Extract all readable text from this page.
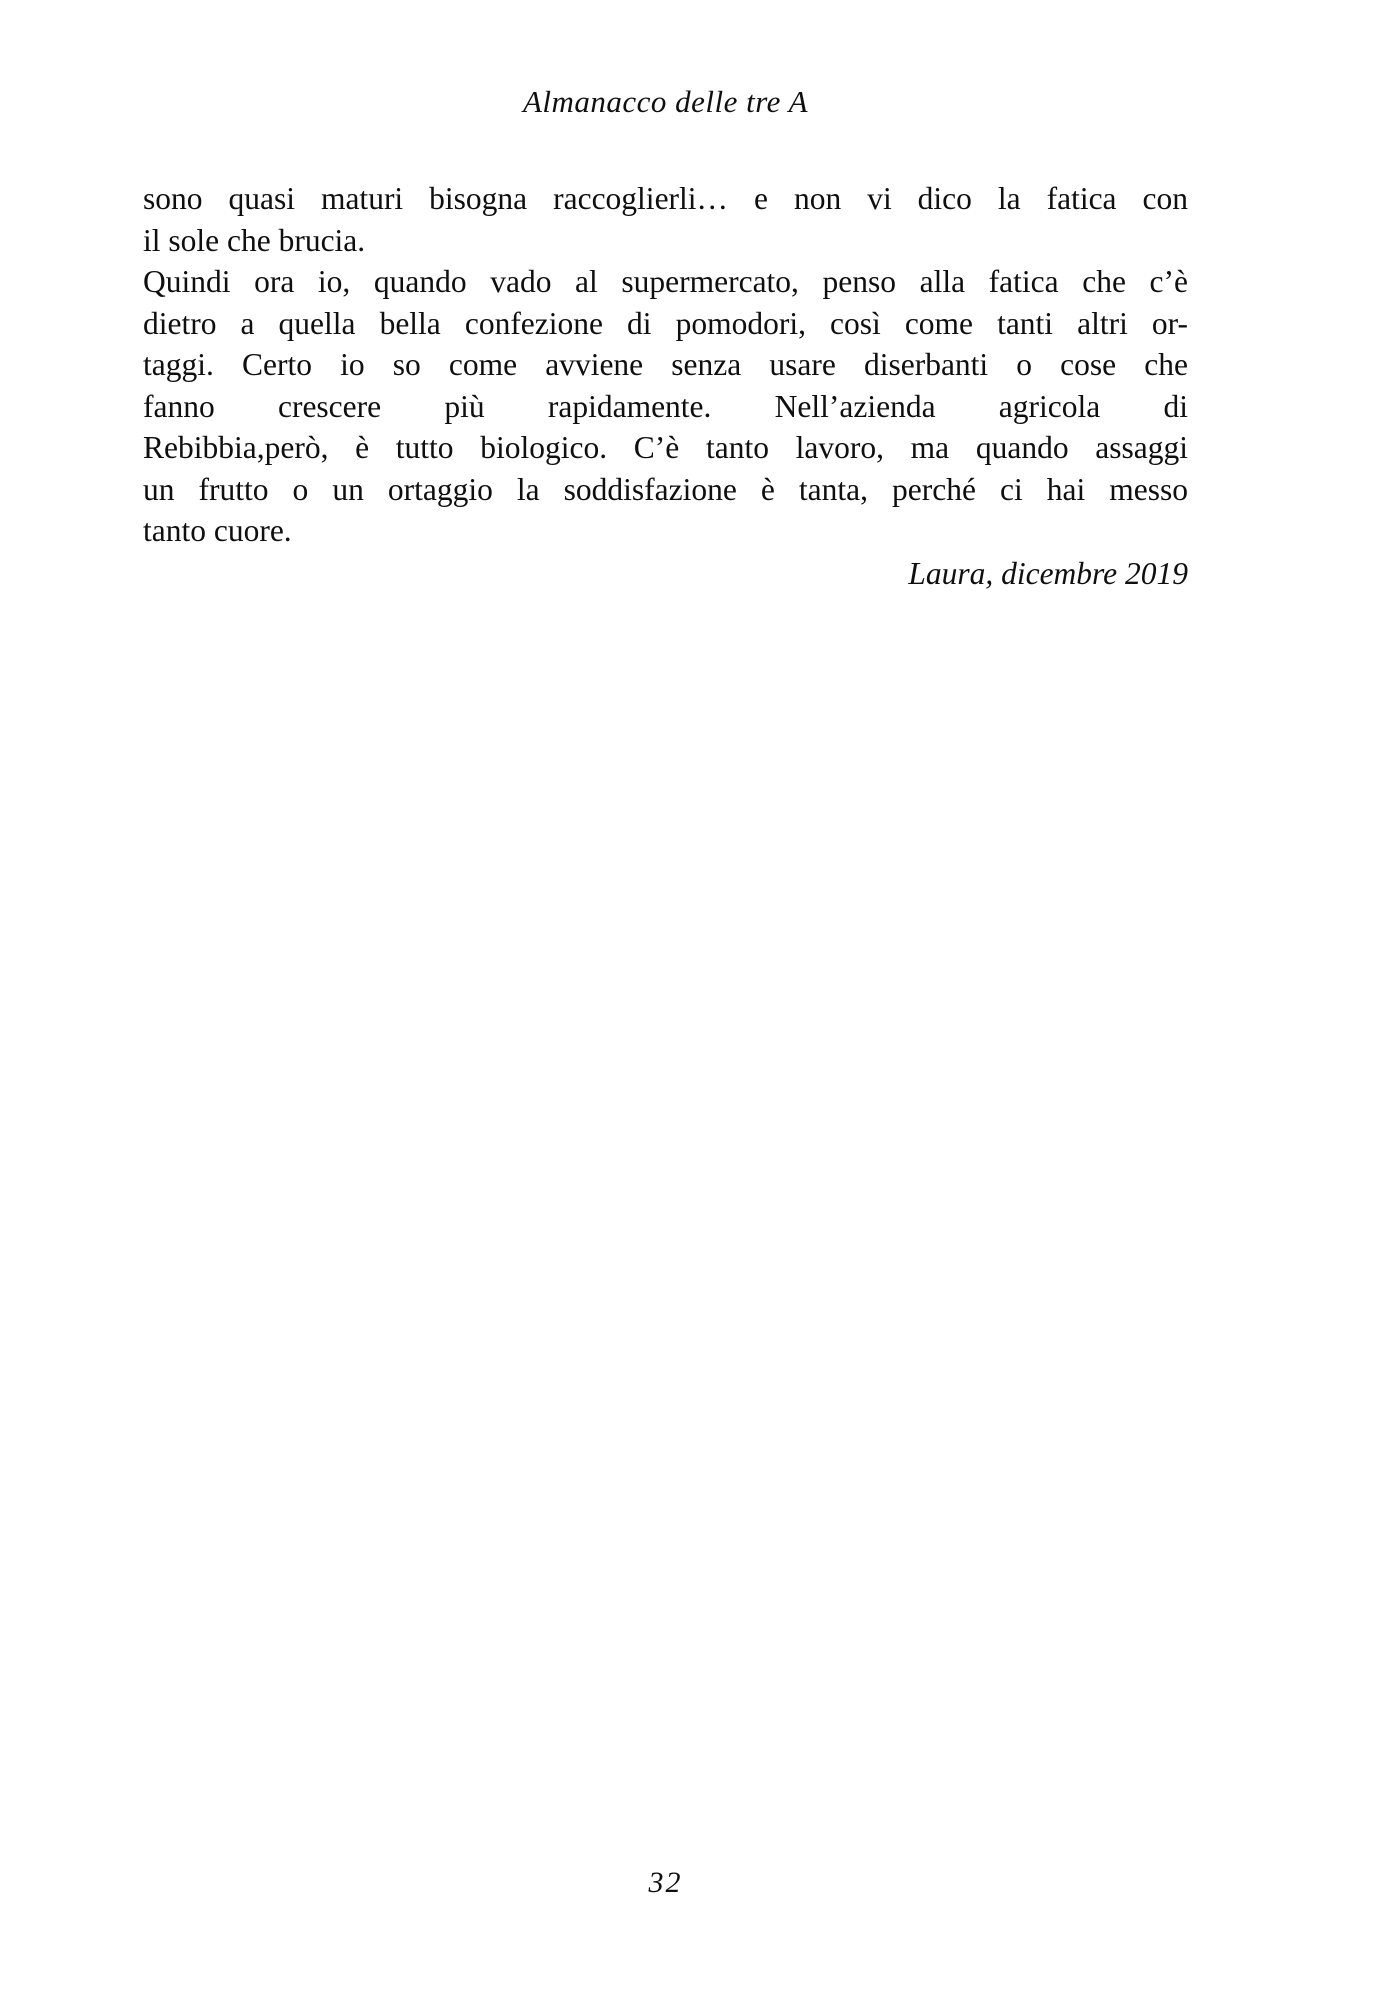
Almanacco delle tre A
sono quasi maturi bisogna raccoglierli… e non vi dico la fatica con
il sole che brucia.
Quindi ora io, quando vado al supermercato, penso alla fatica che c’è
dietro a quella bella confezione di pomodori, così come tanti altri or-
taggi. Certo io so come avviene senza usare diserbanti o cose che
fanno crescere più rapidamente. Nell’azienda agricola di
Rebibbia,però, è tutto biologico. C’è tanto lavoro, ma quando assaggi
un frutto o un ortaggio la soddisfazione è tanta, perché ci hai messo
tanto cuore.
Laura, dicembre 2019
32
